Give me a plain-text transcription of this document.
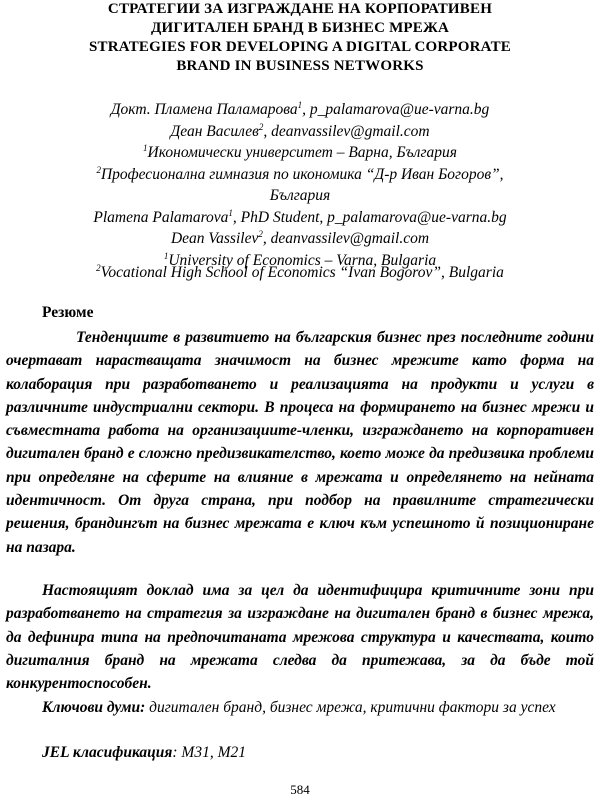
СТРАТЕГИИ ЗА ИЗГРАЖДАНЕ НА КОРПОРАТИВЕН
ДИГИТАЛЕН БРАНД В БИЗНЕС МРЕЖА
STRATEGIES FOR DEVELOPING A DIGITAL CORPORATE
BRAND IN BUSINESS NETWORKS
Докт. Пламена Паламарова$^1$, p_palamarova@ue-varna.bg
Деан Василев$^2$, deanvassilev@gmail.com
$^1$Икономически университет – Варна, България
$^2$Професионална гимназия по икономика “Д-р Иван Богоров”,
България
Plamena Palamarova$^1$, PhD Student, p_palamarova@ue-varna.bg
Dean Vassilev$^2$, deanvassilev@gmail.com
$^1$University of Economics – Varna, Bulgaria
$^2$Vocational High School of Economics “Ivan Bogorov”, Bulgaria
Резюме
Тенденциите в развитието на българския бизнес през последните години очертават нарастващата значимост на бизнес мрежите като форма на колаборация при разработването и реализацията на продукти и услуги в различните индустриални сектори. В процеса на формирането на бизнес мрежи и съвместната работа на организациите-членки, изграждането на корпоративен дигитален бранд е сложно предизвикателство, което може да предизвика проблеми при определяне на сферите на влияние в мрежата и определянето на нейната идентичност. От друга страна, при подбор на правилните стратегически решения, брандингът на бизнес мрежата е ключ към успешното й позициониране на пазара.
Настоящият доклад има за цел да идентифицира критичните зони при разработването на стратегия за изграждане на дигитален бранд в бизнес мрежа, да дефинира типа на предпочитаната мрежова структура и качествата, които дигиталния бранд на мрежата следва да притежава, за да бъде той конкурентоспособен.
Ключови думи: дигитален бранд, бизнес мрежа, критични фактори за успех
JEL класификация: М31, М21
584
